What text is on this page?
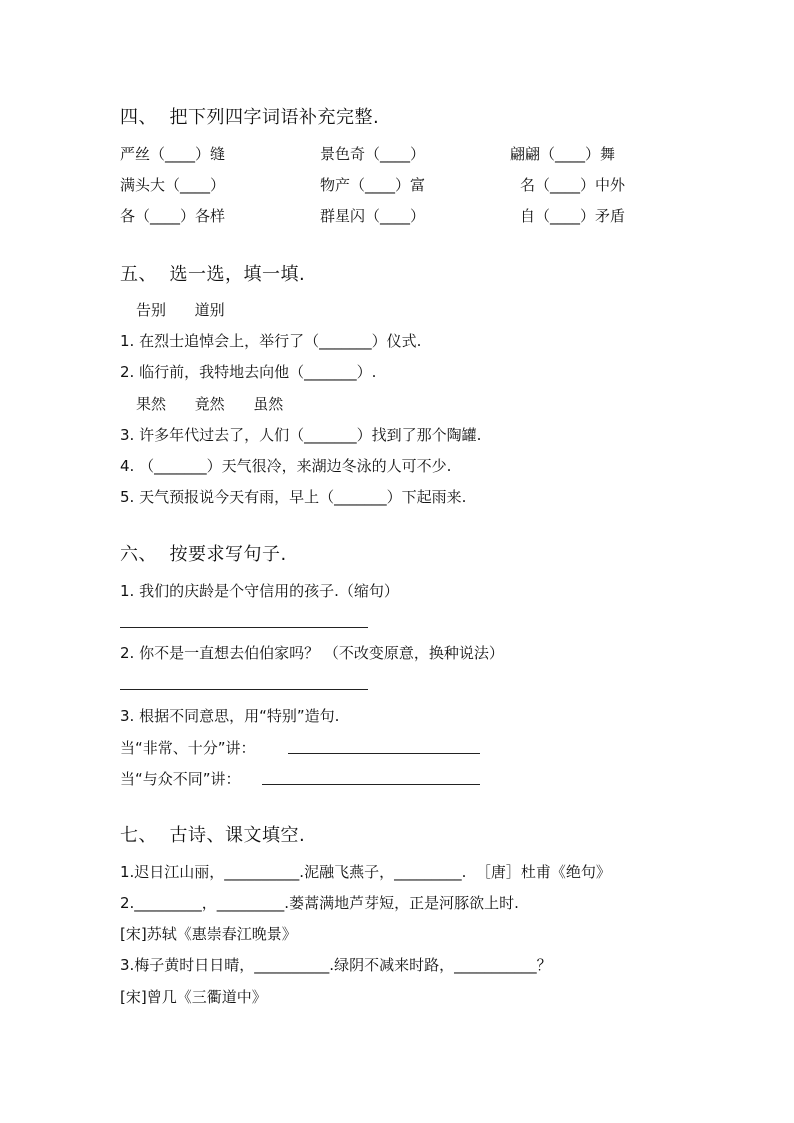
四、  把下列四字词语补充完整.
严丝（____）缝	景色奇（____）	翩翩（____）舞
满头大（____）	物产（____）富	名（____）中外
各（____）各样	群星闪（____）	自（____）矛盾
五、  选一选，填一填.
告别      道别
1. 在烈士追悼会上，举行了（_______）仪式.
2. 临行前，我特地去向他（_______）.
果然      竟然      虽然
3. 许多年代过去了，人们（_______）找到了那个陶罐.
4. （_______）天气很冷，来湖边冬泳的人可不少.
5. 天气预报说今天有雨，早上（_______）下起雨来.
六、  按要求写句子.
1. 我们的庆龄是个守信用的孩子.（缩句）
2. 你不是一直想去伯伯家吗？ （不改变原意，换种说法）
3. 根据不同意思，用“特别”造句.
当“非常、十分”讲：
当“与众不同”讲：
七、  古诗、课文填空.
1.迟日江山丽，__________.泥融飞燕子，_________.  ［唐］杜甫《绝句》
2._________，_________.蒌蒿满地芦芽短，正是河豚欲上时.
[宋]苏轼《惠崇春江晚景》
3.梅子黄时日日晴，__________.绿阴不减来时路，___________？
[宋]曾几《三衢道中》
